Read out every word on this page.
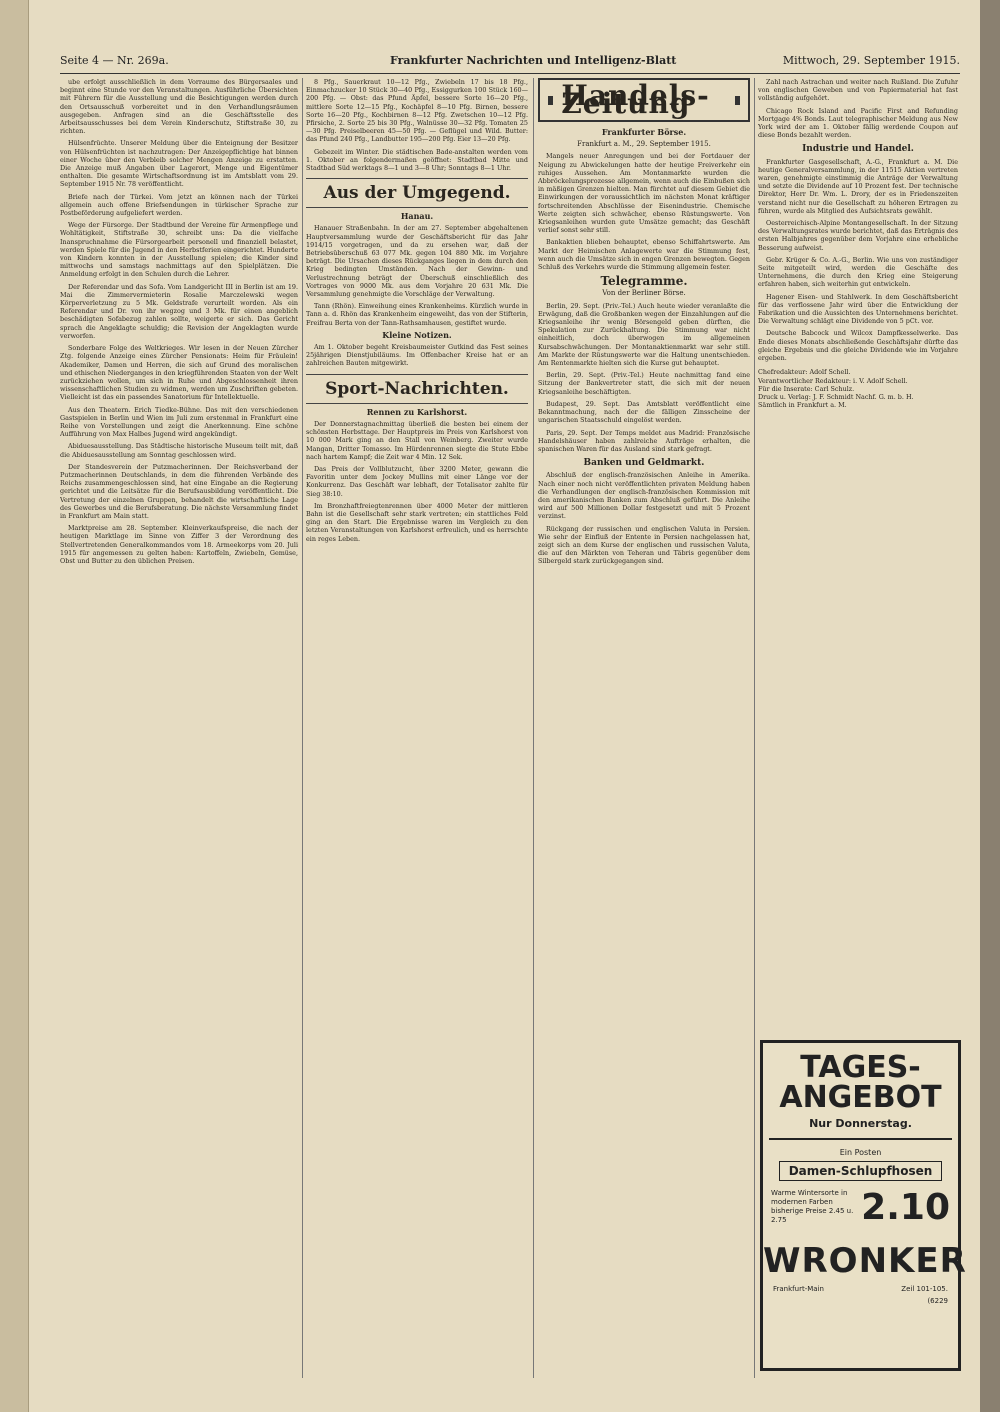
Seite 4 — Nr. 269a.	Frankfurter Nachrichten und Intelligenz-Blatt	Mittwoch, 29. September 1915.

ube erfolgt ausschließlich in dem Vorraume des Bürgersaales und beginnt eine Stunde vor den Veranstaltungen. Ausführliche Übersichten mit Führern für die Ausstellung und die Besichtigungen werden durch den Ortsausschuß vorbereitet und in den Verhandlungsräumen ausgegeben. Anfragen sind an die Geschäftsstelle des Arbeitsausschusses bei dem Verein Kinderschutz, Stiftstraße 30, zu richten.

Hülsenfrüchte. Unserer Meldung über die Enteignung der Besitzer von Hülsenfrüchten ist nachzutragen: Der Anzeigepflichtige hat binnen einer Woche über den Verbleib solcher Mengen Anzeige zu erstatten. Die Anzeige muß Angaben über Lagerort, Menge und Eigentümer enthalten. Die gesamte Wirtschaftsordnung ist im Amtsblatt vom 29. September 1915 Nr. 78 veröffentlicht.

Briefe nach der Türkei. Vom jetzt an können nach der Türkei allgemein auch offene Briefsendungen in türkischer Sprache zur Postbeförderung aufgeliefert werden.

Wege der Fürsorge. Der Stadtbund der Vereine für Armenpflege und Wohltätigkeit, Stiftstraße 30, schreibt uns: Da die vielfache Inanspruchnahme die Fürsorgearbeit personell und finanziell belastet, werden Spiele für die Jugend in den Herbstferien eingerichtet. Hunderte von Kindern konnten in der Ausstellung spielen; die Kinder sind mittwochs und samstags nachmittags auf den Spielplätzen. Die Anmeldung erfolgt in den Schulen durch die Lehrer.

Der Referendar und das Sofa. Vom Landgericht III in Berlin ist am 19. Mai die Zimmervermieterin Rosalie Marczelewski wegen Körperverletzung zu 5 Mk. Geldstrafe verurteilt worden. Als ein Referendar und Dr. von ihr wegzog und 3 Mk. für einen angeblich beschädigten Sofabezug zahlen sollte, weigerte er sich. Das Gericht sprach die Angeklagte schuldig; die Revision der Angeklagten wurde verworfen.

Sonderbare Folge des Weltkrieges. Wir lesen in der Neuen Zürcher Ztg. folgende Anzeige eines Zürcher Pensionats: Heim für Fräulein! Akademiker, Damen und Herren, die sich auf Grund des moralischen und ethischen Niederganges in den kriegführenden Staaten von der Welt zurückziehen wollen, um sich in Ruhe und Abgeschlossenheit ihren wissenschaftlichen Studien zu widmen, werden um Zuschriften gebeten. Vielleicht ist das ein passendes Sanatorium für Intellektuelle.

Aus den Theatern. Erich Tiedke-Bühne. Das mit den verschiedenen Gastspielen in Berlin und Wien im Juli zum erstenmal in Frankfurt eine Reihe von Vorstellungen und zeigt die Anerkennung. Eine schöne Aufführung von Max Halbes Jugend wird angekündigt.

Abiduesausstellung. Das Städtische historische Museum teilt mit, daß die Abiduesausstellung am Sonntag geschlossen wird.

Der Standesverein der Putzmacherinnen. Der Reichsverband der Putzmacherinnen Deutschlands, in dem die führenden Verbände des Reichs zusammengeschlossen sind, hat eine Eingabe an die Regierung gerichtet und die Leitsätze für die Berufsausbildung veröffentlicht. Die Vertretung der einzelnen Gruppen, behandelt die wirtschaftliche Lage des Gewerbes und die Berufsberatung. Die nächste Versammlung findet in Frankfurt am Main statt.

Marktpreise am 28. September. Kleinverkaufspreise, die nach der heutigen Marktlage im Sinne von Ziffer 3 der Verordnung des Stellvertretenden Generalkommandos vom 18. Armeekorps vom 20. Juli 1915 für angemessen zu gelten haben: Kartoffeln, Zwiebeln, Gemüse, Obst und Butter zu den üblichen Preisen.

8 Pfg., Sauerkraut 10—12 Pfg., Zwiebeln 17 bis 18 Pfg., Einmachzucker 10 Stück 30—40 Pfg., Essiggurken 100 Stück 160—200 Pfg. — Obst: das Pfund Äpfel, bessere Sorte 16—20 Pfg., mittlere Sorte 12—15 Pfg., Kochäpfel 8—10 Pfg. Birnen, bessere Sorte 16—20 Pfg., Kochbirnen 8—12 Pfg. Zwetschen 10—12 Pfg. Pfirsiche, 2. Sorte 25 bis 30 Pfg., Walnüsse 30—32 Pfg. Tomaten 25—30 Pfg. Preiselbeeren 45—50 Pfg. — Geflügel und Wild. Butter: das Pfund 240 Pfg., Landbutter 195—200 Pfg. Eier 13—20 Pfg.

Gebezeit im Winter. Die städtischen Bade-anstalten werden vom 1. Oktober an folgendermaßen geöffnet: Stadtbad Mitte und Stadtbad Süd werktags 8—1 und 3—8 Uhr; Sonntags 8—1 Uhr.

Aus der Umgegend.
Hanau.

Hanauer Straßenbahn. In der am 27. September abgehaltenen Hauptversammlung wurde der Geschäftsbericht für das Jahr 1914/15 vorgetragen, und da zu ersehen war, daß der Betriebsüberschuß 63 077 Mk. gegen 104 880 Mk. im Vorjahre beträgt. Die Ursachen dieses Rückganges liegen in dem durch den Krieg bedingten Umständen. Nach der Gewinn- und Verlustrechnung beträgt der Überschuß einschließlich des Vortrages von 9000 Mk. aus dem Vorjahre 20 631 Mk. Die Versammlung genehmigte die Vorschläge der Verwaltung.

Tann (Rhön). Einweihung eines Krankenheims. Kürzlich wurde in Tann a. d. Rhön das Krankenheim eingeweiht, das von der Stifterin, Freifrau Berta von der Tann-Rathsamhausen, gestiftet wurde.

Kleine Notizen.

Am 1. Oktober begeht Kreisbaumeister Gutkind das Fest seines 25jährigen Dienstjubiläums. Im Offenbacher Kreise hat er an zahlreichen Bauten mitgewirkt.

Sport-Nachrichten.
Rennen zu Karlshorst.

Der Donnerstagnachmittag überließ die besten bei einem der schönsten Herbsttage. Der Hauptpreis im Preis von Karlshorst von 10 000 Mark ging an den Stall von Weinberg. Zweiter wurde Mangan, Dritter Tomasso. Im Hürdenrennen siegte die Stute Ebbe nach hartem Kampf; die Zeit war 4 Min. 12 Sek.

Das Preis der Vollblutzucht, über 3200 Meter, gewann die Favoritin unter dem Jockey Mullins mit einer Länge vor der Konkurrenz. Das Geschäft war lebhaft, der Totalisator zahlte für Sieg 38:10.

Im Bronzhaftfreiegtenrennen über 4000 Meter der mittleren Bahn ist die Gesellschaft sehr stark vertreten; ein stattliches Feld ging an den Start. Die Ergebnisse waren im Vergleich zu den letzten Veranstaltungen von Karlshorst erfreulich, und es herrschte ein reges Leben.

Handels-Zeitung
Frankfurter Börse.
Frankfurt a. M., 29. September 1915.

Mangels neuer Anregungen und bei der Fortdauer der Neigung zu Abwickelungen hatte der heutige Freiverkehr ein ruhiges Aussehen. Am Montanmarkte wurden die Abbröckelungsprozesse allgemein, wenn auch die Einbußen sich in mäßigen Grenzen hielten. Man fürchtet auf diesem Gebiet die Einwirkungen der voraussichtlich im nächsten Monat kräftiger fortschreitenden Abschlüsse der Eisenindustrie. Chemische Werte zeigten sich schwächer, ebenso Rüstungswerte. Von Kriegsanleihen wurden gute Umsätze gemacht; das Geschäft verlief sonst sehr still.

Bankaktien blieben behauptet, ebenso Schiffahrtswerte. Am Markt der Heimischen Anlagewerte war die Stimmung fest, wenn auch die Umsätze sich in engen Grenzen bewegten. Gegen Schluß des Verkehrs wurde die Stimmung allgemein fester.

Telegramme.
Von der Berliner Börse.

Berlin, 29. Sept. (Priv.-Tel.) Auch heute wieder veranlaßte die Erwägung, daß die Großbanken wegen der Einzahlungen auf die Kriegsanleihe ihr wenig Börsengeld geben dürften, die Spekulation zur Zurückhaltung. Die Stimmung war nicht einheitlich, doch überwogen im allgemeinen Kursabschwächungen. Der Montanaktienmarkt war sehr still. Am Markte der Rüstungswerte war die Haltung unentschieden. Am Rentenmarkte hielten sich die Kurse gut behauptet.

Berlin, 29. Sept. (Priv.-Tel.) Heute nachmittag fand eine Sitzung der Bankvertreter statt, die sich mit der neuen Kriegsanleihe beschäftigten.

Budapest, 29. Sept. Das Amtsblatt veröffentlicht eine Bekanntmachung, nach der die fälligen Zinsscheine der ungarischen Staatsschuld eingelöst werden.

Paris, 29. Sept. Der Temps meldet aus Madrid: Französische Handelshäuser haben zahlreiche Aufträge erhalten, die spanischen Waren für das Ausland sind stark gefragt.

Banken und Geldmarkt.

Abschluß der englisch-französischen Anleihe in Amerika. Nach einer noch nicht veröffentlichten privaten Meldung haben die Verhandlungen der englisch-französischen Kommission mit den amerikanischen Banken zum Abschluß geführt. Die Anleihe wird auf 500 Millionen Dollar festgesetzt und mit 5 Prozent verzinst.

Rückgang der russischen und englischen Valuta in Persien. Wie sehr der Einfluß der Entente in Persien nachgelassen hat, zeigt sich an dem Kurse der englischen und russischen Valuta, die auf den Märkten von Teheran und Täbris gegenüber dem Silbergeld stark zurückgegangen sind.

Zahl nach Astrachan und weiter nach Rußland. Die Zufuhr von englischen Geweben und von Papiermaterial hat fast vollständig aufgehört.

Chicago Rock Island and Pacific First and Refunding Mortgage 4% Bonds. Laut telegraphischer Meldung aus New York wird der am 1. Oktober fällig werdende Coupon auf diese Bonds bezahlt werden.

Industrie und Handel.

Frankfurter Gasgesellschaft, A.-G., Frankfurt a. M. Die heutige Generalversammlung, in der 11515 Aktien vertreten waren, genehmigte einstimmig die Anträge der Verwaltung und setzte die Dividende auf 10 Prozent fest. Der technische Direktor, Herr Dr. Wm. L. Drory, der es in Friedenszeiten verstand nicht nur die Gesellschaft zu höheren Ertragen zu führen, wurde als Mitglied des Aufsichtsrats gewählt.

Oesterreichisch-Alpine Montangesellschaft. In der Sitzung des Verwaltungsrates wurde berichtet, daß das Erträgnis des ersten Halbjahres gegenüber dem Vorjahre eine erhebliche Besserung aufweist.

Gebr. Krüger & Co. A.-G., Berlin. Wie uns von zuständiger Seite mitgeteilt wird, werden die Geschäfte des Unternehmens, die durch den Krieg eine Steigerung erfahren haben, sich weiterhin gut entwickeln.

Hagener Eisen- und Stahlwerk. In dem Geschäftsbericht für das verflossene Jahr wird über die Entwicklung der Fabrikation und die Aussichten des Unternehmens berichtet. Die Verwaltung schlägt eine Dividende von 5 pCt. vor.

Deutsche Babcock und Wilcox Dampfkesselwerke. Das Ende dieses Monats abschließende Geschäftsjahr dürfte das gleiche Ergebnis und die gleiche Dividende wie im Vorjahre ergeben.

Chefredakteur: Adolf Schell.
Verantwortlicher Redakteur: i. V. Adolf Schell.
Für die Inserate: Carl Schulz.
Druck u. Verlag: J. F. Schmidt Nachf. G. m. b. H.
Sämtlich in Frankfurt a. M.
TAGES-ANGEBOT
Nur Donnerstag.
Ein Posten
Damen-Schlupfhosen
Warme Wintersorte in modernen Farben bisherige Preise 2.45 u. 2.75	2.10
WRONKER
Frankfurt-Main	Zeil 101-105.
(6229
